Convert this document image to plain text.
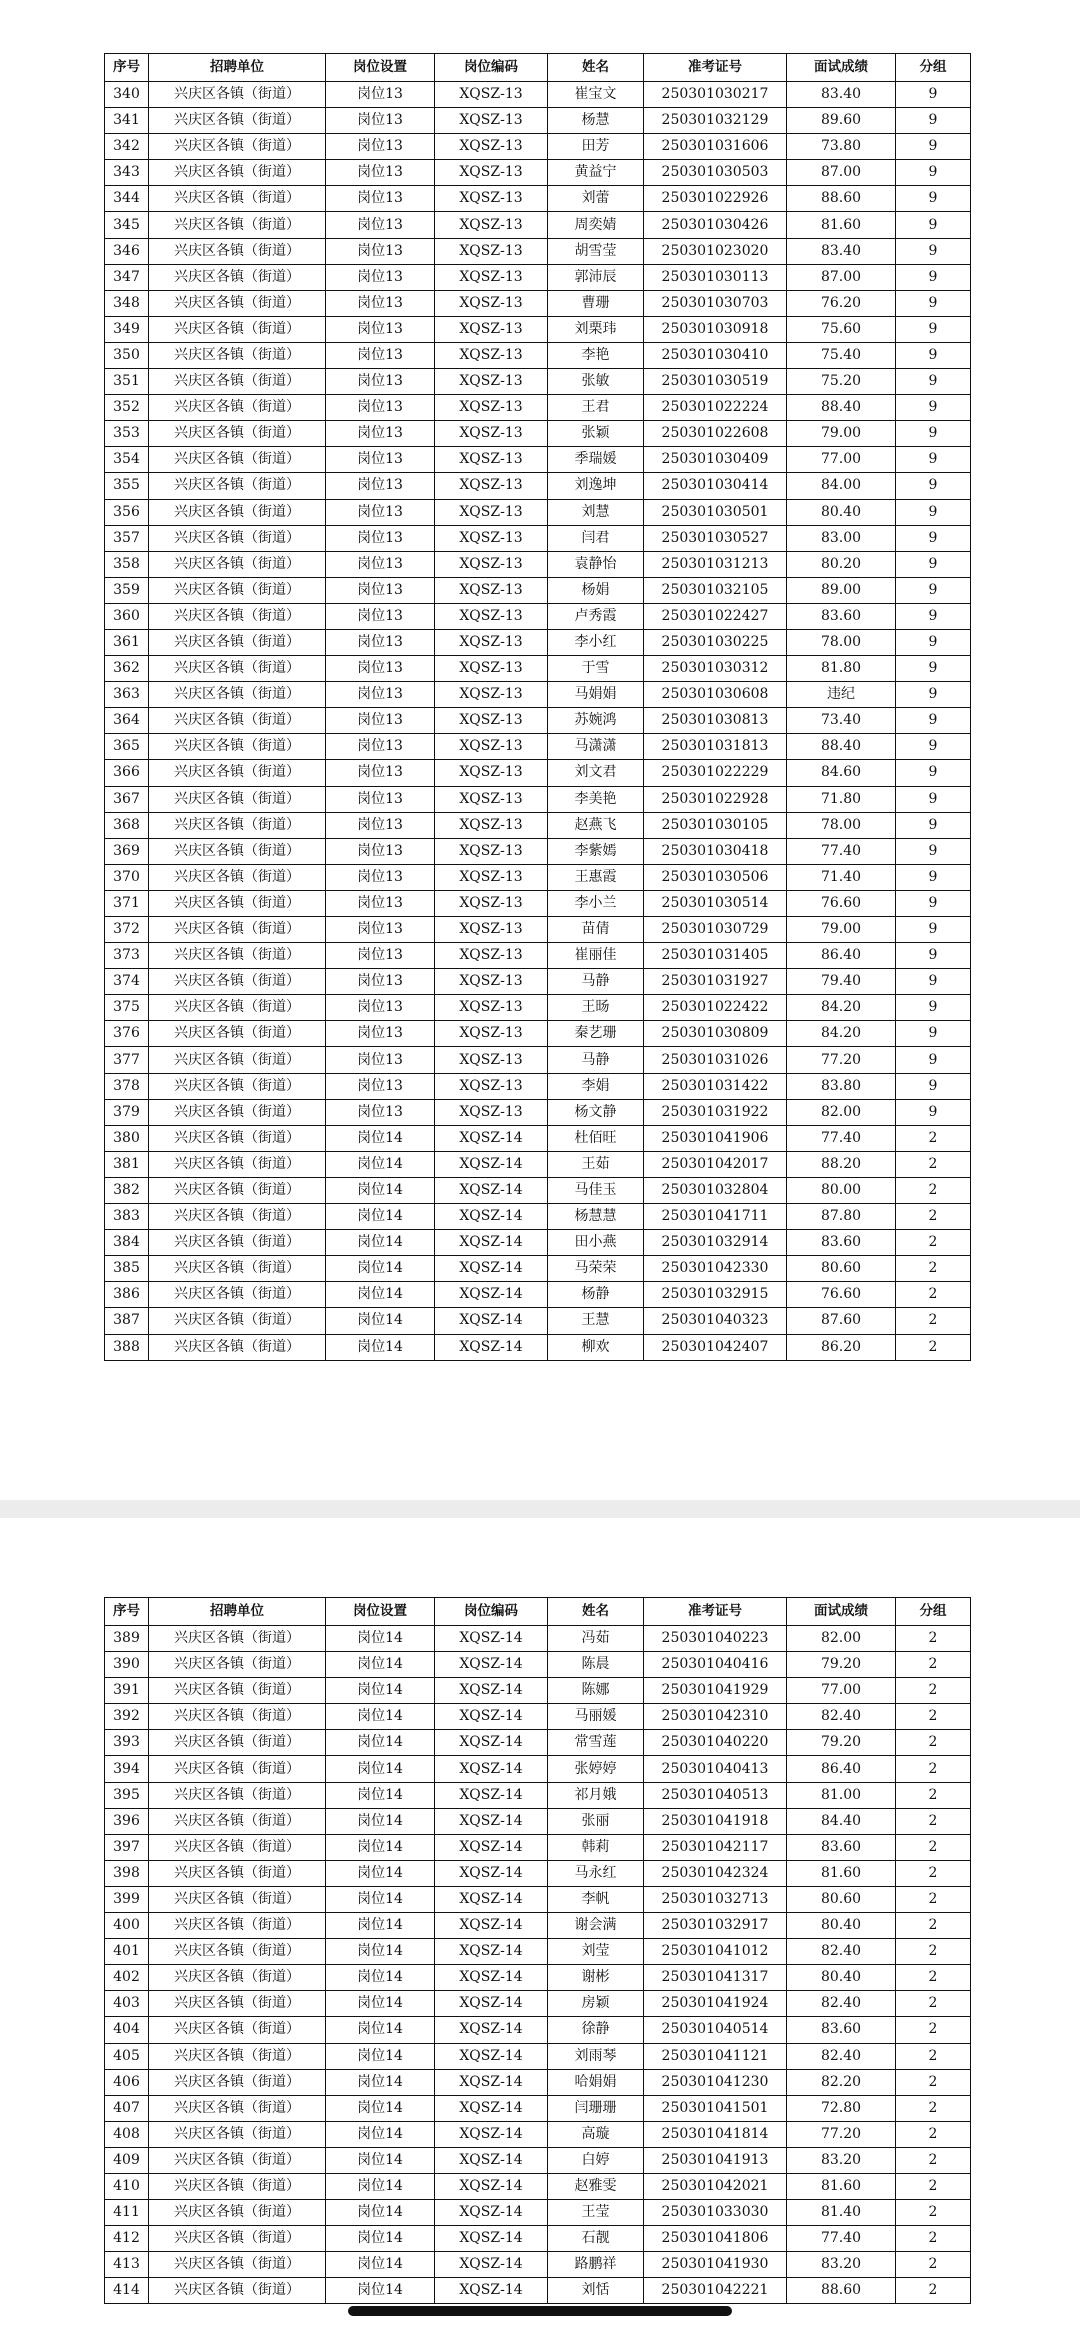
序号	招聘单位	岗位设置	岗位编码	姓名	准考证号	面试成绩	分组
340	兴庆区各镇（街道）	岗位13	XQSZ-13	崔宝文	250301030217	83.40	9
341	兴庆区各镇（街道）	岗位13	XQSZ-13	杨慧	250301032129	89.60	9
342	兴庆区各镇（街道）	岗位13	XQSZ-13	田芳	250301031606	73.80	9
343	兴庆区各镇（街道）	岗位13	XQSZ-13	黄益宁	250301030503	87.00	9
344	兴庆区各镇（街道）	岗位13	XQSZ-13	刘蕾	250301022926	88.60	9
345	兴庆区各镇（街道）	岗位13	XQSZ-13	周奕婧	250301030426	81.60	9
346	兴庆区各镇（街道）	岗位13	XQSZ-13	胡雪莹	250301023020	83.40	9
347	兴庆区各镇（街道）	岗位13	XQSZ-13	郭沛辰	250301030113	87.00	9
348	兴庆区各镇（街道）	岗位13	XQSZ-13	曹珊	250301030703	76.20	9
349	兴庆区各镇（街道）	岗位13	XQSZ-13	刘栗玮	250301030918	75.60	9
350	兴庆区各镇（街道）	岗位13	XQSZ-13	李艳	250301030410	75.40	9
351	兴庆区各镇（街道）	岗位13	XQSZ-13	张敏	250301030519	75.20	9
352	兴庆区各镇（街道）	岗位13	XQSZ-13	王君	250301022224	88.40	9
353	兴庆区各镇（街道）	岗位13	XQSZ-13	张颖	250301022608	79.00	9
354	兴庆区各镇（街道）	岗位13	XQSZ-13	季瑞媛	250301030409	77.00	9
355	兴庆区各镇（街道）	岗位13	XQSZ-13	刘逸坤	250301030414	84.00	9
356	兴庆区各镇（街道）	岗位13	XQSZ-13	刘慧	250301030501	80.40	9
357	兴庆区各镇（街道）	岗位13	XQSZ-13	闫君	250301030527	83.00	9
358	兴庆区各镇（街道）	岗位13	XQSZ-13	袁静怡	250301031213	80.20	9
359	兴庆区各镇（街道）	岗位13	XQSZ-13	杨娟	250301032105	89.00	9
360	兴庆区各镇（街道）	岗位13	XQSZ-13	卢秀霞	250301022427	83.60	9
361	兴庆区各镇（街道）	岗位13	XQSZ-13	李小红	250301030225	78.00	9
362	兴庆区各镇（街道）	岗位13	XQSZ-13	于雪	250301030312	81.80	9
363	兴庆区各镇（街道）	岗位13	XQSZ-13	马娟娟	250301030608	违纪	9
364	兴庆区各镇（街道）	岗位13	XQSZ-13	苏婉鸿	250301030813	73.40	9
365	兴庆区各镇（街道）	岗位13	XQSZ-13	马潇潇	250301031813	88.40	9
366	兴庆区各镇（街道）	岗位13	XQSZ-13	刘文君	250301022229	84.60	9
367	兴庆区各镇（街道）	岗位13	XQSZ-13	李美艳	250301022928	71.80	9
368	兴庆区各镇（街道）	岗位13	XQSZ-13	赵燕飞	250301030105	78.00	9
369	兴庆区各镇（街道）	岗位13	XQSZ-13	李紫嫣	250301030418	77.40	9
370	兴庆区各镇（街道）	岗位13	XQSZ-13	王惠霞	250301030506	71.40	9
371	兴庆区各镇（街道）	岗位13	XQSZ-13	李小兰	250301030514	76.60	9
372	兴庆区各镇（街道）	岗位13	XQSZ-13	苗倩	250301030729	79.00	9
373	兴庆区各镇（街道）	岗位13	XQSZ-13	崔丽佳	250301031405	86.40	9
374	兴庆区各镇（街道）	岗位13	XQSZ-13	马静	250301031927	79.40	9
375	兴庆区各镇（街道）	岗位13	XQSZ-13	王旸	250301022422	84.20	9
376	兴庆区各镇（街道）	岗位13	XQSZ-13	秦艺珊	250301030809	84.20	9
377	兴庆区各镇（街道）	岗位13	XQSZ-13	马静	250301031026	77.20	9
378	兴庆区各镇（街道）	岗位13	XQSZ-13	李娟	250301031422	83.80	9
379	兴庆区各镇（街道）	岗位13	XQSZ-13	杨文静	250301031922	82.00	9
380	兴庆区各镇（街道）	岗位14	XQSZ-14	杜佰旺	250301041906	77.40	2
381	兴庆区各镇（街道）	岗位14	XQSZ-14	王茹	250301042017	88.20	2
382	兴庆区各镇（街道）	岗位14	XQSZ-14	马佳玉	250301032804	80.00	2
383	兴庆区各镇（街道）	岗位14	XQSZ-14	杨慧慧	250301041711	87.80	2
384	兴庆区各镇（街道）	岗位14	XQSZ-14	田小燕	250301032914	83.60	2
385	兴庆区各镇（街道）	岗位14	XQSZ-14	马荣荣	250301042330	80.60	2
386	兴庆区各镇（街道）	岗位14	XQSZ-14	杨静	250301032915	76.60	2
387	兴庆区各镇（街道）	岗位14	XQSZ-14	王慧	250301040323	87.60	2
388	兴庆区各镇（街道）	岗位14	XQSZ-14	柳欢	250301042407	86.20	2
序号	招聘单位	岗位设置	岗位编码	姓名	准考证号	面试成绩	分组
389	兴庆区各镇（街道）	岗位14	XQSZ-14	冯茹	250301040223	82.00	2
390	兴庆区各镇（街道）	岗位14	XQSZ-14	陈晨	250301040416	79.20	2
391	兴庆区各镇（街道）	岗位14	XQSZ-14	陈娜	250301041929	77.00	2
392	兴庆区各镇（街道）	岗位14	XQSZ-14	马丽媛	250301042310	82.40	2
393	兴庆区各镇（街道）	岗位14	XQSZ-14	常雪莲	250301040220	79.20	2
394	兴庆区各镇（街道）	岗位14	XQSZ-14	张婷婷	250301040413	86.40	2
395	兴庆区各镇（街道）	岗位14	XQSZ-14	祁月娥	250301040513	81.00	2
396	兴庆区各镇（街道）	岗位14	XQSZ-14	张丽	250301041918	84.40	2
397	兴庆区各镇（街道）	岗位14	XQSZ-14	韩莉	250301042117	83.60	2
398	兴庆区各镇（街道）	岗位14	XQSZ-14	马永红	250301042324	81.60	2
399	兴庆区各镇（街道）	岗位14	XQSZ-14	李帆	250301032713	80.60	2
400	兴庆区各镇（街道）	岗位14	XQSZ-14	谢会满	250301032917	80.40	2
401	兴庆区各镇（街道）	岗位14	XQSZ-14	刘莹	250301041012	82.40	2
402	兴庆区各镇（街道）	岗位14	XQSZ-14	谢彬	250301041317	80.40	2
403	兴庆区各镇（街道）	岗位14	XQSZ-14	房颖	250301041924	82.40	2
404	兴庆区各镇（街道）	岗位14	XQSZ-14	徐静	250301040514	83.60	2
405	兴庆区各镇（街道）	岗位14	XQSZ-14	刘雨琴	250301041121	82.40	2
406	兴庆区各镇（街道）	岗位14	XQSZ-14	哈娟娟	250301041230	82.20	2
407	兴庆区各镇（街道）	岗位14	XQSZ-14	闫珊珊	250301041501	72.80	2
408	兴庆区各镇（街道）	岗位14	XQSZ-14	高璇	250301041814	77.20	2
409	兴庆区各镇（街道）	岗位14	XQSZ-14	白婷	250301041913	83.20	2
410	兴庆区各镇（街道）	岗位14	XQSZ-14	赵雅雯	250301042021	81.60	2
411	兴庆区各镇（街道）	岗位14	XQSZ-14	王莹	250301033030	81.40	2
412	兴庆区各镇（街道）	岗位14	XQSZ-14	石靓	250301041806	77.40	2
413	兴庆区各镇（街道）	岗位14	XQSZ-14	路鹏祥	250301041930	83.20	2
414	兴庆区各镇（街道）	岗位14	XQSZ-14	刘恬	250301042221	88.60	2
